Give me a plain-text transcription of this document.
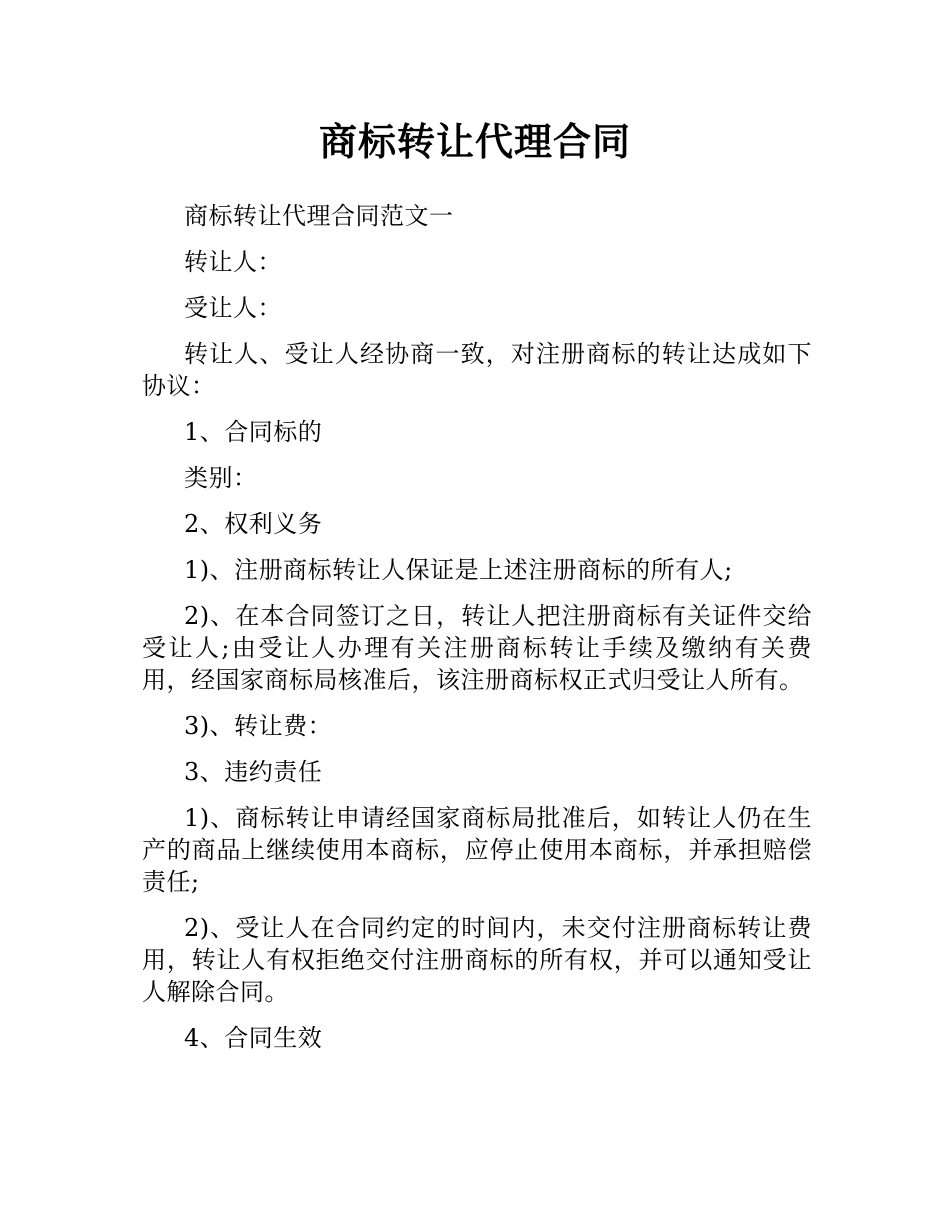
商标转让代理合同

商标转让代理合同范文一

转让人：

受让人：

转让人、受让人经协商一致，对注册商标的转让达成如下协议：

1、合同标的

类别：

2、权利义务

1)、注册商标转让人保证是上述注册商标的所有人;

2)、在本合同签订之日，转让人把注册商标有关证件交给受让人;由受让人办理有关注册商标转让手续及缴纳有关费用，经国家商标局核准后，该注册商标权正式归受让人所有。

3)、转让费：

3、违约责任

1)、商标转让申请经国家商标局批准后，如转让人仍在生产的商品上继续使用本商标，应停止使用本商标，并承担赔偿责任;

2)、受让人在合同约定的时间内，未交付注册商标转让费用，转让人有权拒绝交付注册商标的所有权，并可以通知受让人解除合同。

4、合同生效
